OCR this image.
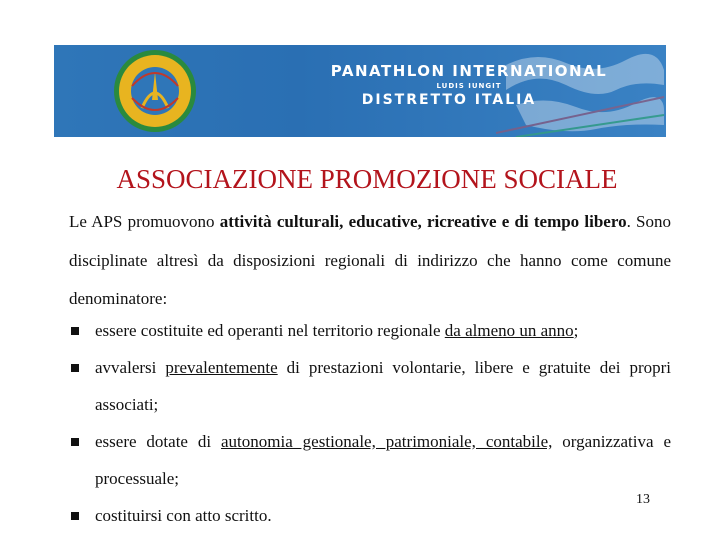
PANATHLON INTERNATIONAL
LUDIS IUNGIT
DISTRETTO ITALIA
ASSOCIAZIONE PROMOZIONE SOCIALE
Le APS promuovono attività culturali, educative, ricreative e di tempo libero. Sono disciplinate altresì da disposizioni regionali di indirizzo che hanno come comune denominatore:
essere costituite ed operanti nel territorio regionale da almeno un anno;
avvalersi prevalentemente di prestazioni volontarie, libere e gratuite dei propri associati;
essere dotate di autonomia gestionale, patrimoniale, contabile, organizzativa e processuale;
costituirsi con atto scritto.
13
